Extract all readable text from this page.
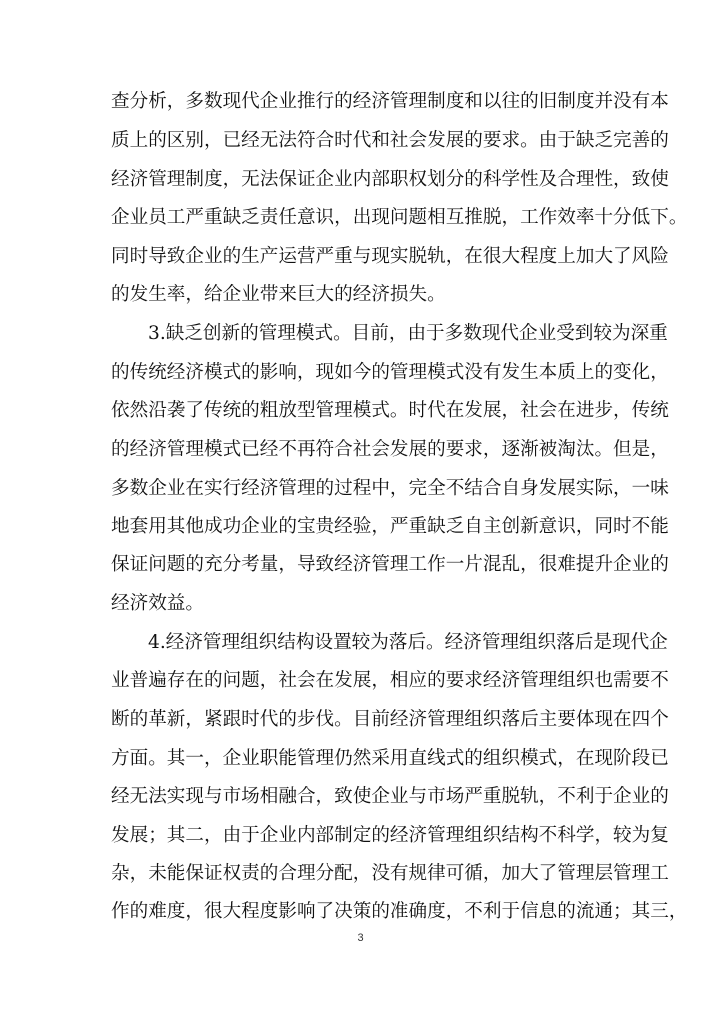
查分析，多数现代企业推行的经济管理制度和以往的旧制度并没有本
质上的区别，已经无法符合时代和社会发展的要求。由于缺乏完善的
经济管理制度，无法保证企业内部职权划分的科学性及合理性，致使
企业员工严重缺乏责任意识，出现问题相互推脱，工作效率十分低下。
同时导致企业的生产运营严重与现实脱轨，在很大程度上加大了风险
的发生率，给企业带来巨大的经济损失。
3.缺乏创新的管理模式。目前，由于多数现代企业受到较为深重
的传统经济模式的影响，现如今的管理模式没有发生本质上的变化，
依然沿袭了传统的粗放型管理模式。时代在发展，社会在进步，传统
的经济管理模式已经不再符合社会发展的要求，逐渐被淘汰。但是，
多数企业在实行经济管理的过程中，完全不结合自身发展实际，一味
地套用其他成功企业的宝贵经验，严重缺乏自主创新意识，同时不能
保证问题的充分考量，导致经济管理工作一片混乱，很难提升企业的
经济效益。
4.经济管理组织结构设置较为落后。经济管理组织落后是现代企
业普遍存在的问题，社会在发展，相应的要求经济管理组织也需要不
断的革新，紧跟时代的步伐。目前经济管理组织落后主要体现在四个
方面。其一，企业职能管理仍然采用直线式的组织模式，在现阶段已
经无法实现与市场相融合，致使企业与市场严重脱轨，不利于企业的
发展；其二，由于企业内部制定的经济管理组织结构不科学，较为复
杂，未能保证权责的合理分配，没有规律可循，加大了管理层管理工
作的难度，很大程度影响了决策的准确度，不利于信息的流通；其三，
3
